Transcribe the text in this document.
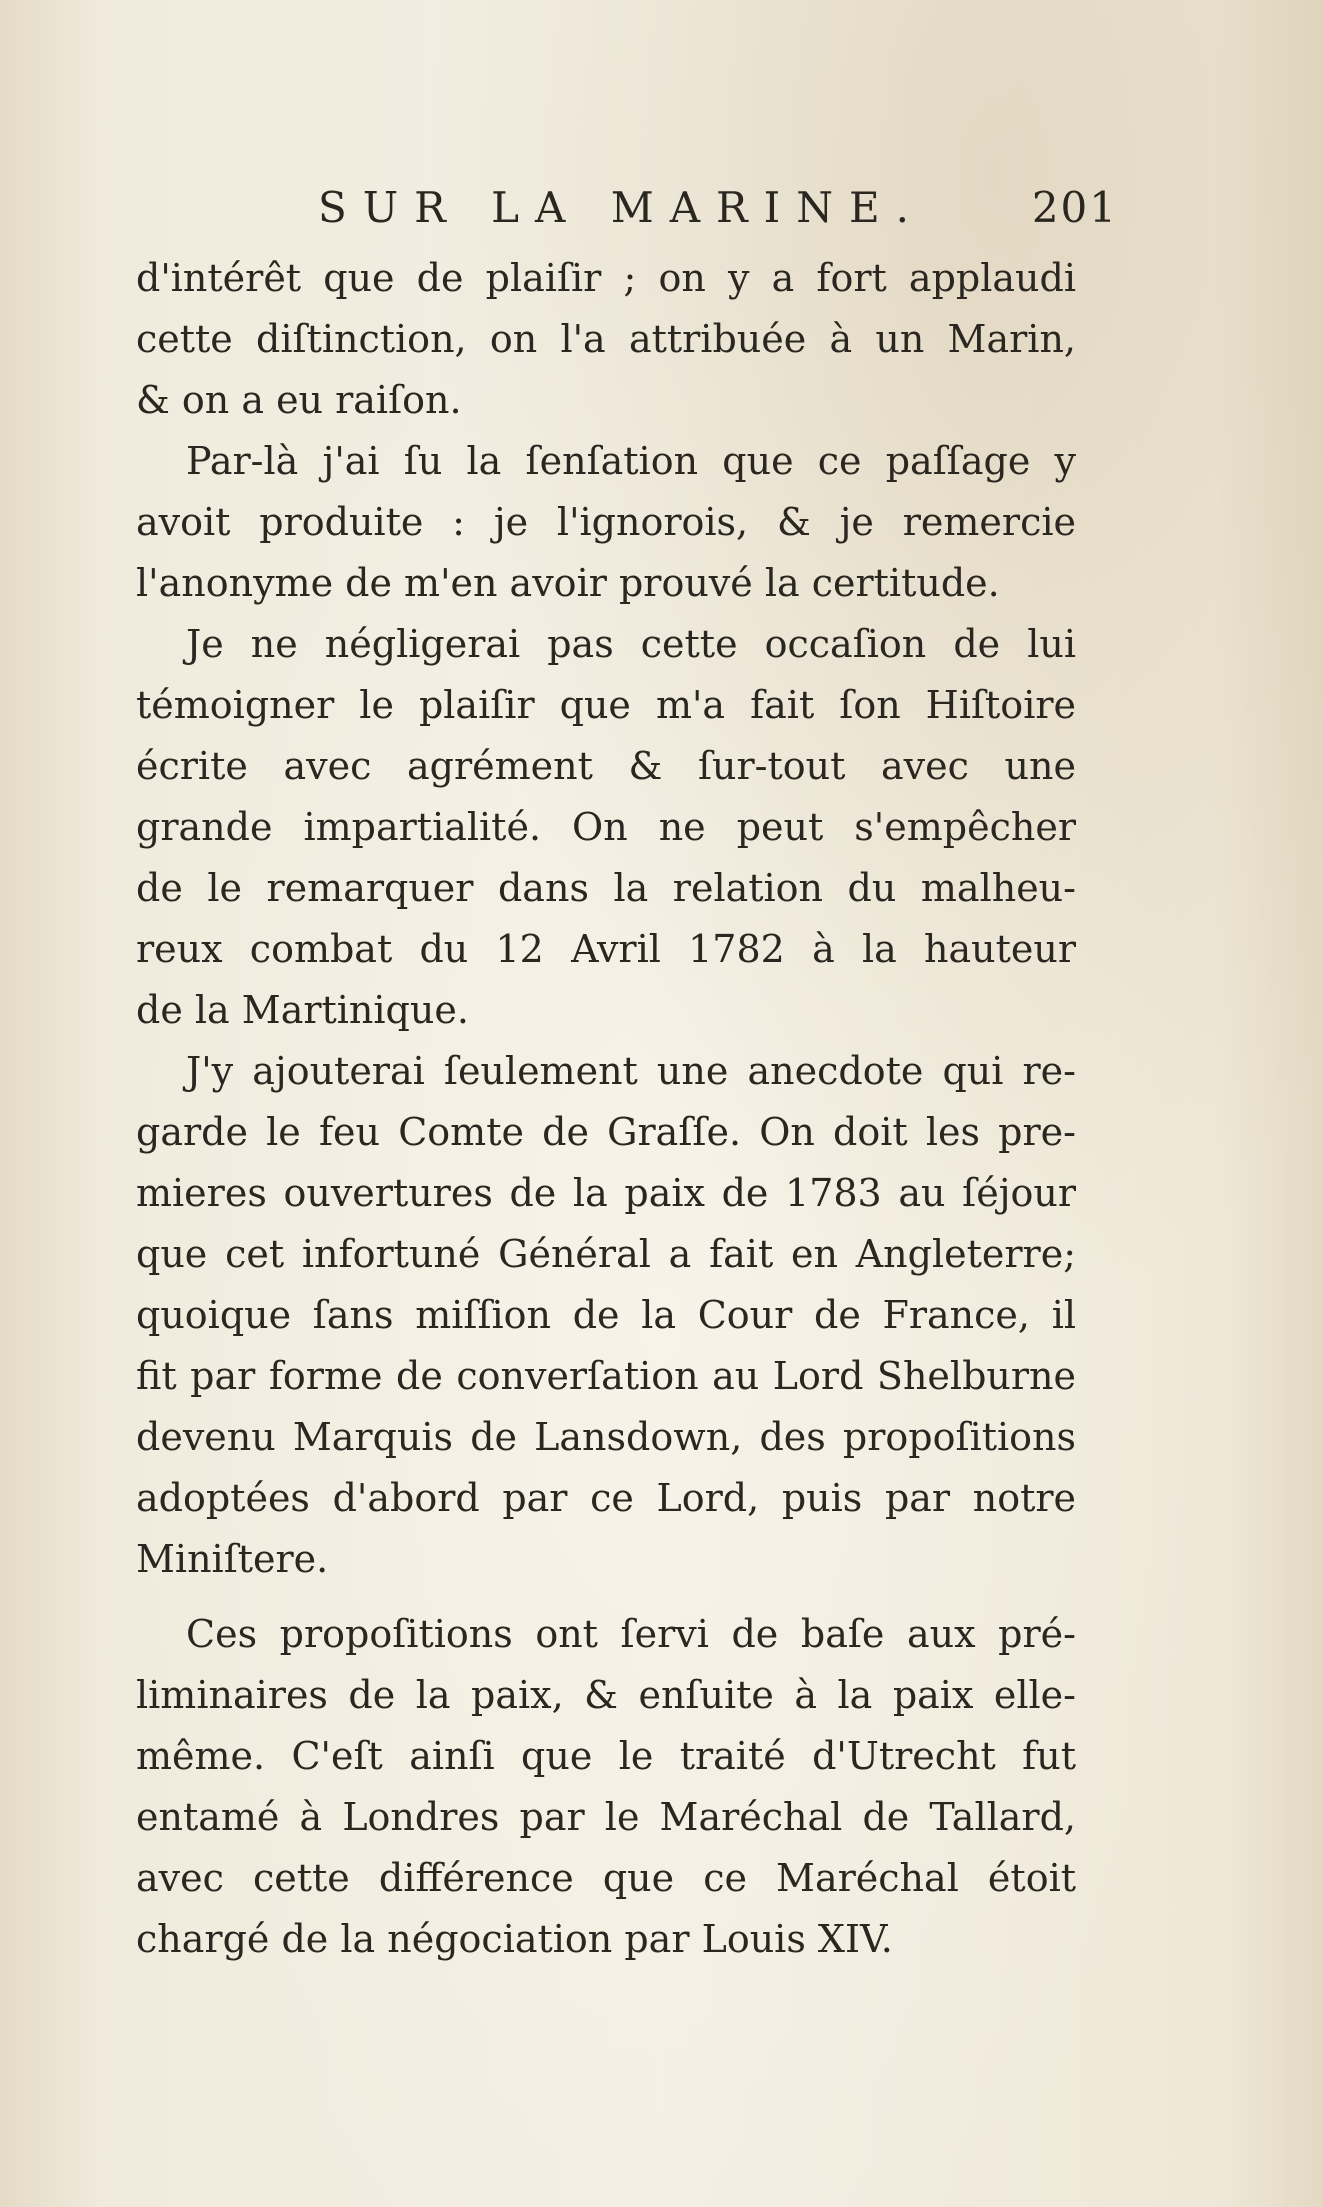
SUR LA MARINE.	201
d'intérêt que de plaiſir ; on y a fort applaudi
cette diſtinction, on l'a attribuée à un Marin,
& on a eu raiſon.
Par-là j'ai ſu la ſenſation que ce paſſage y
avoit produite : je l'ignorois, & je remercie
l'anonyme de m'en avoir prouvé la certitude.
Je ne négligerai pas cette occaſion de lui
témoigner le plaiſir que m'a fait ſon Hiſtoire
écrite avec agrément & ſur-tout avec une
grande impartialité. On ne peut s'empêcher
de le remarquer dans la relation du malheu-
reux combat du 12 Avril 1782 à la hauteur
de la Martinique.
J'y ajouterai ſeulement une anecdote qui re-
garde le feu Comte de Graſſe. On doit les pre-
mieres ouvertures de la paix de 1783 au ſéjour
que cet infortuné Général a fait en Angleterre;
quoique ſans miſſion de la Cour de France, il
fit par forme de converſation au Lord Shelburne
devenu Marquis de Lansdown, des propoſitions
adoptées d'abord par ce Lord, puis par notre
Miniſtere.
Ces propoſitions ont ſervi de baſe aux pré-
liminaires de la paix, & enſuite à la paix elle-
même. C'eſt ainſi que le traité d'Utrecht fut
entamé à Londres par le Maréchal de Tallard,
avec cette différence que ce Maréchal étoit
chargé de la négociation par Louis XIV.
